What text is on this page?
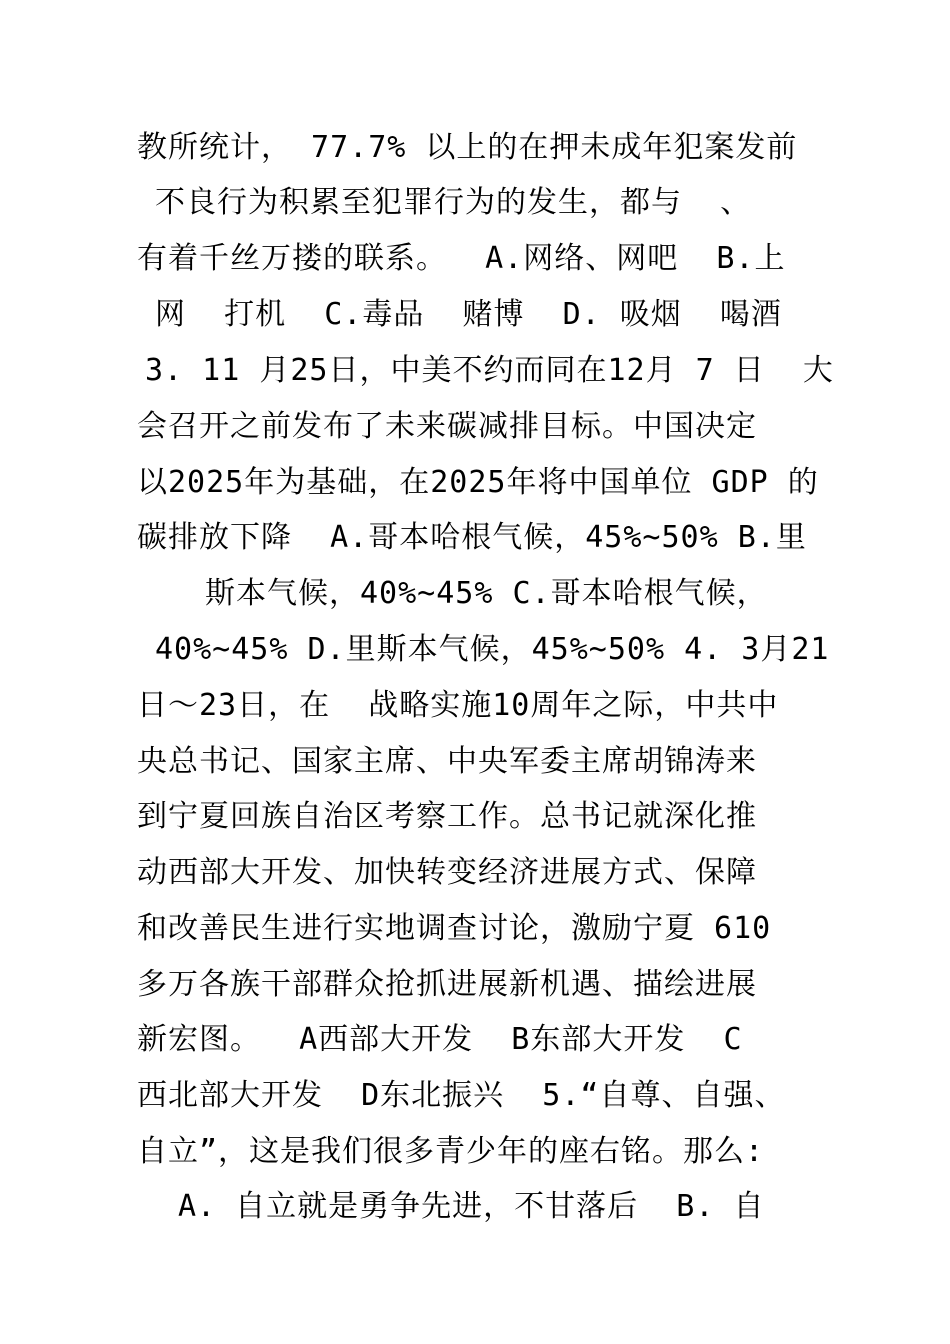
教所统计， 77.7% 以上的在押未成年犯案发前
不良行为积累至犯罪行为的发生，都与  、
有着千丝万搂的联系。  A.网络、网吧  B.上
网  打机  C.毒品  赌博  D. 吸烟  喝酒
3. 11 月25日，中美不约而同在12月 7 日  大
会召开之前发布了未来碳减排目标。中国决定
以2025年为基础，在2025年将中国单位 GDP 的
碳排放下降  A.哥本哈根气候，45%~50% B.里
斯本气候，40%~45% C.哥本哈根气候，
40%~45% D.里斯本气候，45%~50% 4. 3月21
日～23日，在  战略实施10周年之际，中共中
央总书记、国家主席、中央军委主席胡锦涛来
到宁夏回族自治区考察工作。总书记就深化推
动西部大开发、加快转变经济进展方式、保障
和改善民生进行实地调查讨论，激励宁夏 610
多万各族干部群众抢抓进展新机遇、描绘进展
新宏图。  A西部大开发  B东部大开发  C
西北部大开发  D东北振兴  5.“自尊、自强、
自立”，这是我们很多青少年的座右铭。那么:
A. 自立就是勇争先进，不甘落后  B. 自
